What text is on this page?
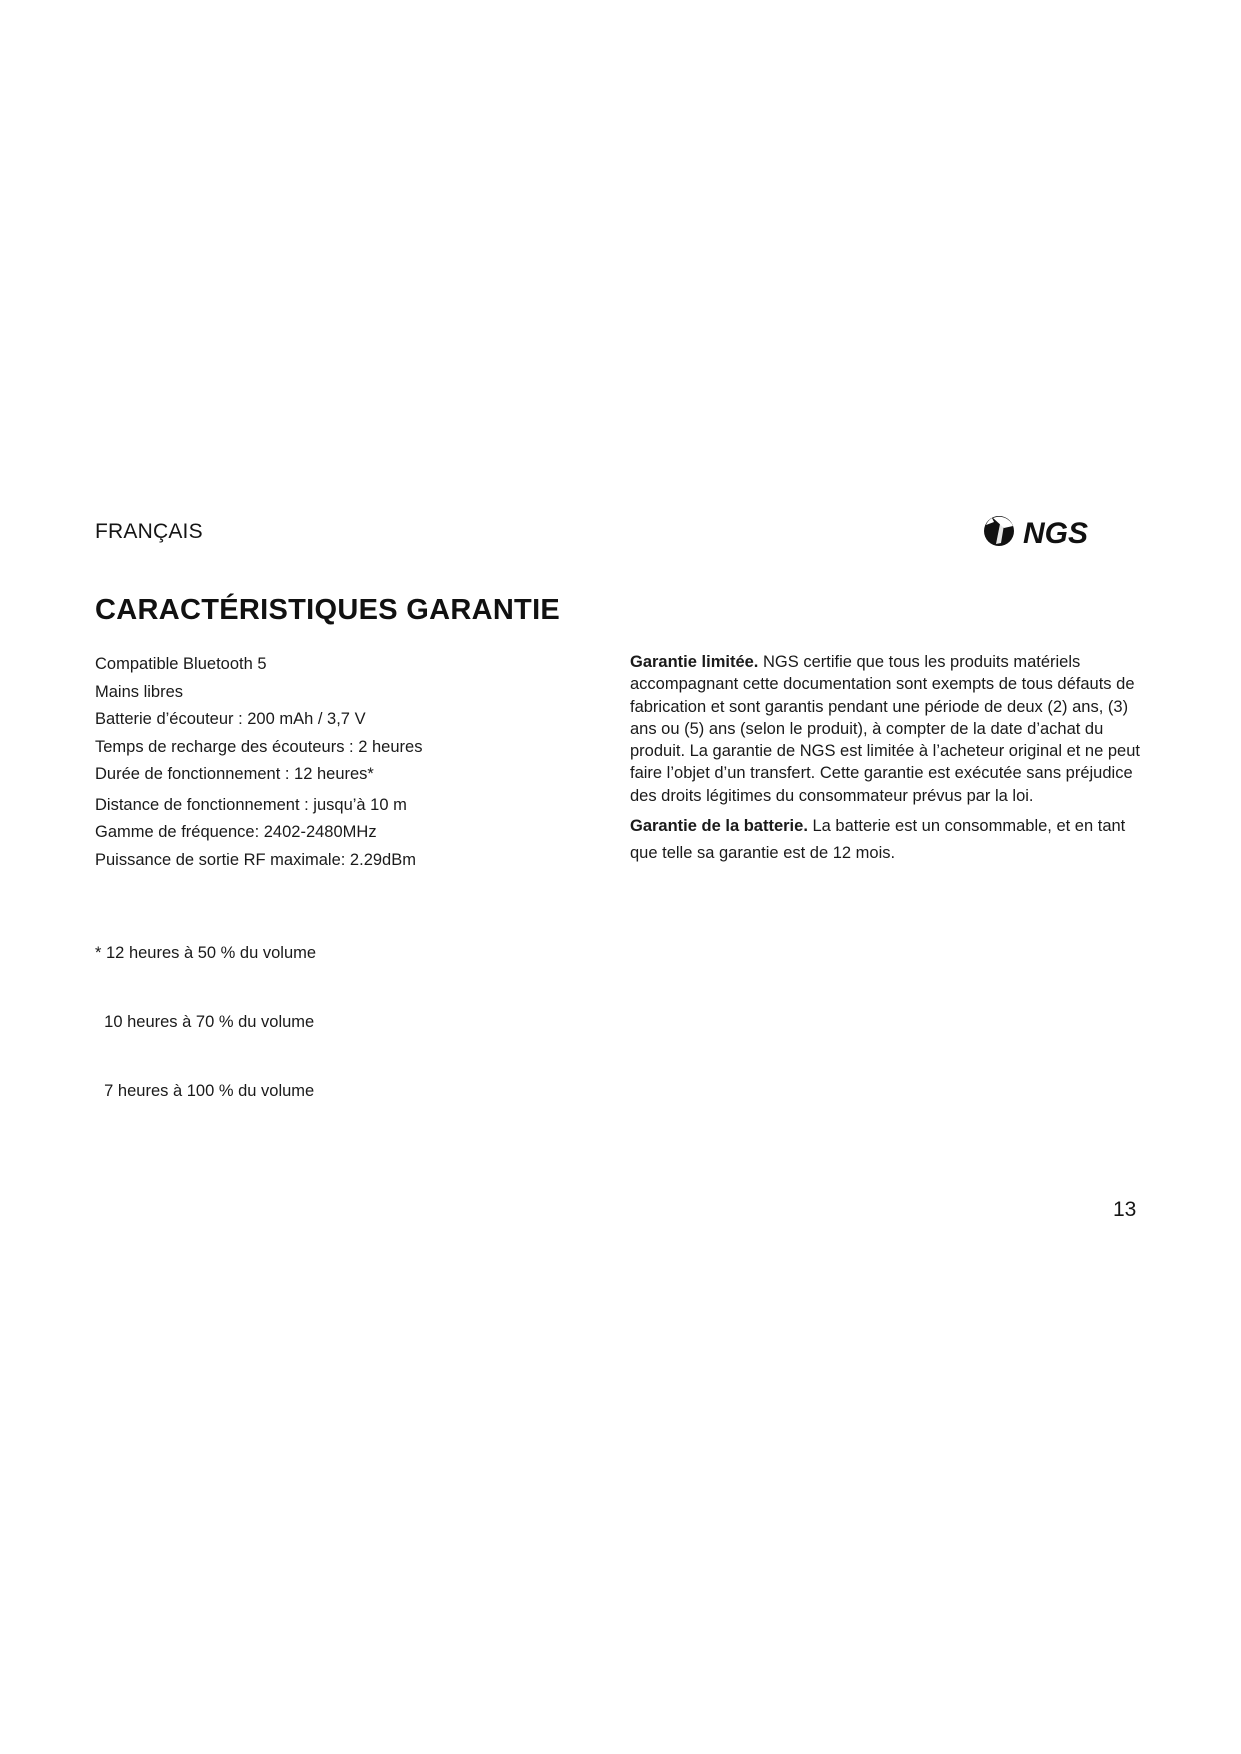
FRANÇAIS	NGS
CARACTÉRISTIQUES GARANTIE
Compatible Bluetooth 5
Mains libres
Batterie d’écouteur : 200 mAh / 3,7 V
Temps de recharge des écouteurs : 2 heures
Durée de fonctionnement : 12 heures*
Distance de fonctionnement : jusqu’à 10 m
Gamme de fréquence: 2402-2480MHz
Puissance de sortie RF maximale: 2.29dBm

* 12 heures à 50 % du volume

10 heures à 70 % du volume

7 heures à 100 % du volume

Garantie limitée. NGS certifie que tous les produits matériels accompagnant cette documentation sont exempts de tous défauts de fabrication et sont garantis pendant une période de deux (2) ans, (3) ans ou (5) ans (selon le produit), à compter de la date d’achat du produit. La garantie de NGS est limitée à l’acheteur original et ne peut faire l’objet d’un transfert. Cette garantie est exécutée sans préjudice des droits légitimes du consommateur prévus par la loi.

Garantie de la batterie. La batterie est un consommable, et en tant que telle sa garantie est de 12 mois.

13
